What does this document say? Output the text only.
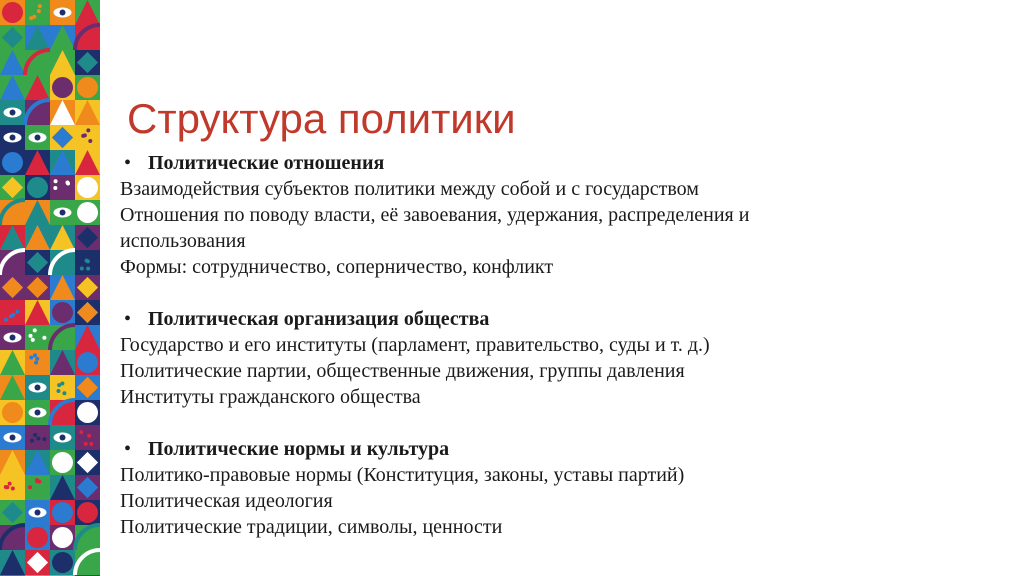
Структура политики
• Политические отношения
Взаимодействия субъектов политики между собой и с государством
Отношения по поводу власти, её завоевания, удержания, распределения и
использования
Формы: сотрудничество, соперничество, конфликт
• Политическая организация общества
Государство и его институты (парламент, правительство, суды и т. д.)
Политические партии, общественные движения, группы давления
Институты гражданского общества
• Политические нормы и культура
Политико-правовые нормы (Конституция, законы, уставы партий)
Политическая идеология
Политические традиции, символы, ценности
